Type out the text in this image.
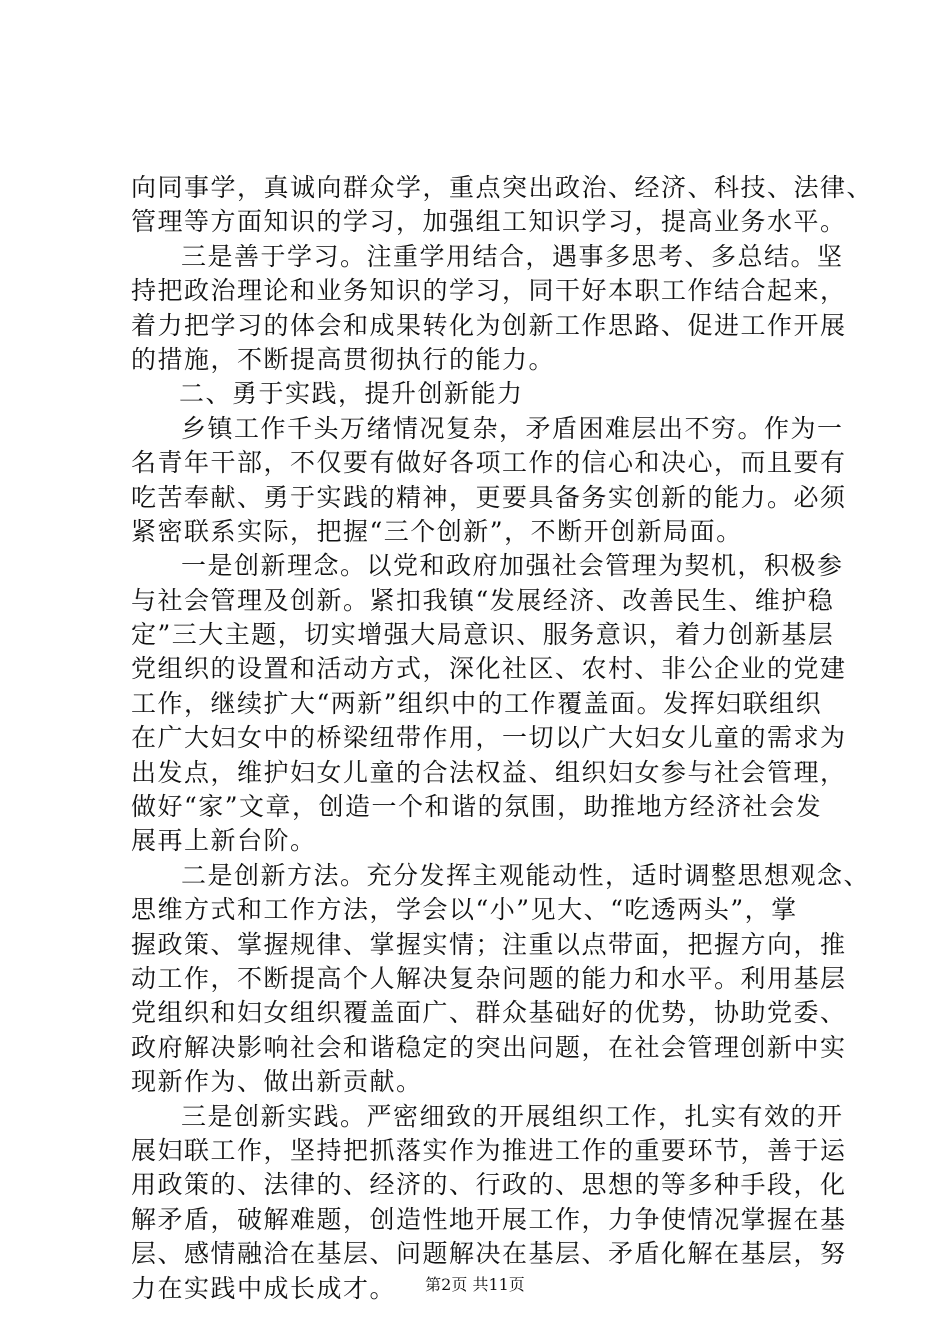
向同事学，真诚向群众学，重点突出政治、经济、科技、法律、
管理等方面知识的学习，加强组工知识学习，提高业务水平。
三是善于学习。注重学用结合，遇事多思考、多总结。坚
持把政治理论和业务知识的学习，同干好本职工作结合起来，
着力把学习的体会和成果转化为创新工作思路、促进工作开展
的措施，不断提高贯彻执行的能力。
二、勇于实践，提升创新能力
乡镇工作千头万绪情况复杂，矛盾困难层出不穷。作为一
名青年干部，不仅要有做好各项工作的信心和决心，而且要有
吃苦奉献、勇于实践的精神，更要具备务实创新的能力。必须
紧密联系实际，把握“三个创新”，不断开创新局面。
一是创新理念。以党和政府加强社会管理为契机，积极参
与社会管理及创新。紧扣我镇“发展经济、改善民生、维护稳
定”三大主题，切实增强大局意识、服务意识，着力创新基层
党组织的设置和活动方式，深化社区、农村、非公企业的党建
工作，继续扩大“两新”组织中的工作覆盖面。发挥妇联组织
在广大妇女中的桥梁纽带作用，一切以广大妇女儿童的需求为
出发点，维护妇女儿童的合法权益、组织妇女参与社会管理，
做好“家”文章，创造一个和谐的氛围，助推地方经济社会发
展再上新台阶。
二是创新方法。充分发挥主观能动性，适时调整思想观念、
思维方式和工作方法，学会以“小”见大、“吃透两头”，掌
握政策、掌握规律、掌握实情；注重以点带面，把握方向，推
动工作，不断提高个人解决复杂问题的能力和水平。利用基层
党组织和妇女组织覆盖面广、群众基础好的优势，协助党委、
政府解决影响社会和谐稳定的突出问题，在社会管理创新中实
现新作为、做出新贡献。
三是创新实践。严密细致的开展组织工作，扎实有效的开
展妇联工作，坚持把抓落实作为推进工作的重要环节，善于运
用政策的、法律的、经济的、行政的、思想的等多种手段，化
解矛盾，破解难题，创造性地开展工作，力争使情况掌握在基
层、感情融洽在基层、问题解决在基层、矛盾化解在基层，努
力在实践中成长成才。	第2页 共11页
